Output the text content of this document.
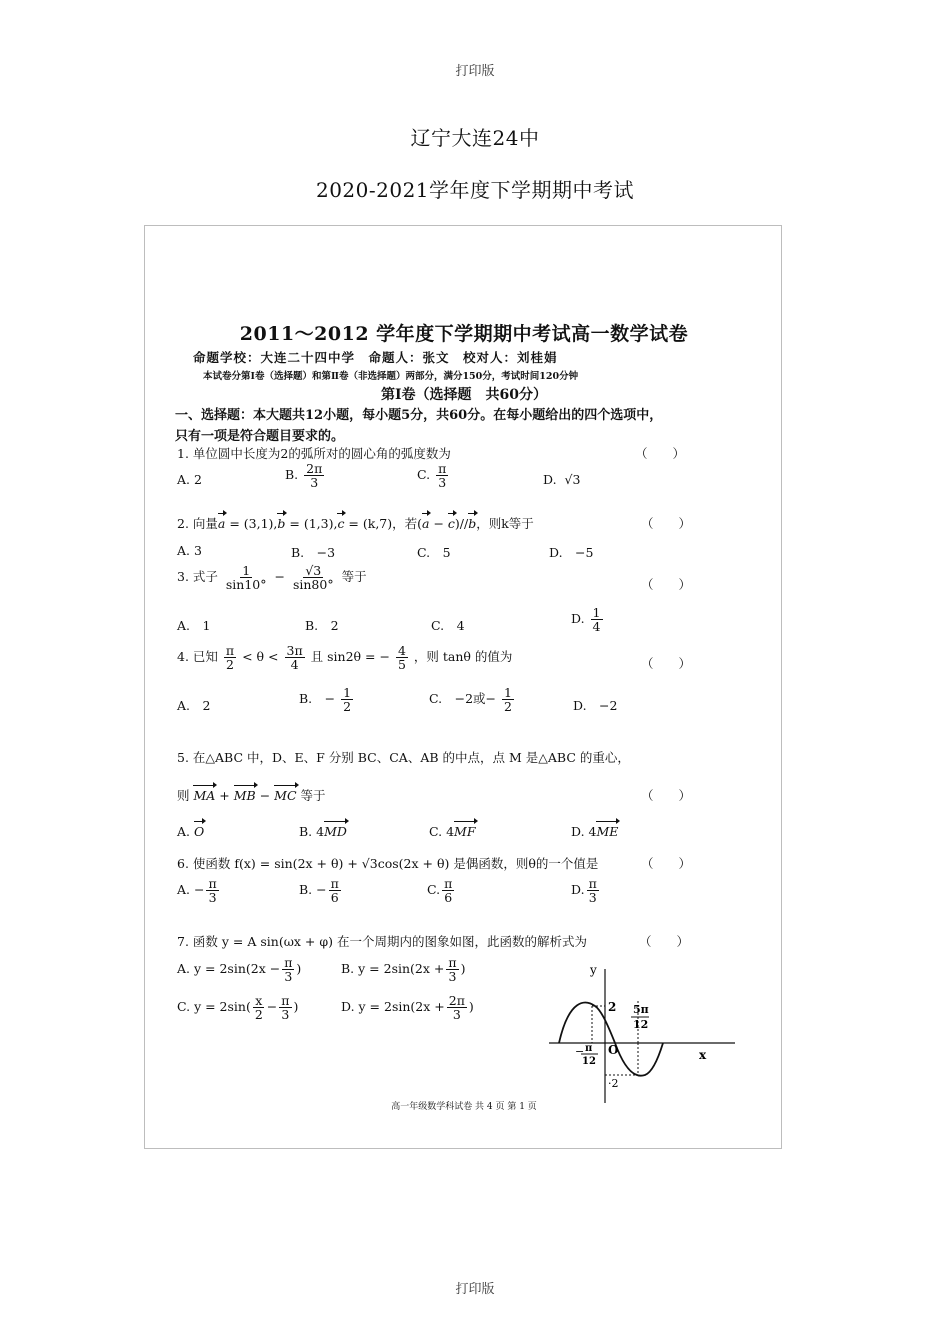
打印版
辽宁大连24中
2020-2021学年度下学期期中考试
2011～2012 学年度下学期期中考试高一数学试卷
命题学校：大连二十四中学　命题人：张文　校对人：刘桂娟
本试卷分第Ⅰ卷（选择题）和第Ⅱ卷（非选择题）两部分，满分150分，考试时间120分钟
第Ⅰ卷（选择题　共60分）
一、选择题：本大题共12小题，每小题5分，共60分。在每小题给出的四个选项中，
只有一项是符合题目要求的。
1. 单位圆中长度为2的弧所对的圆心角的弧度数为	（　　）
A. 2	B. $\frac{2\pi}{3}$	C. $\frac{\pi}{3}$	D. √3
2. 向量a = (3,1),b = (1,3),c = (k,7)，若(a − c)//b，则k等于	（　　）
A. 3	B.　−3	C.　5	D.　−5
3. 式子 $\frac{1}{\sin 10^\circ} - \frac{√3}{\sin 80^\circ}$ 等于
（　　）
A.　1	B.　2	C.　4	D. $\frac{1}{4}$
4. 已知 $\frac{\pi}{2} < \theta < \frac{3\pi}{4}$ 且 sin2θ = − $\frac{4}{5}$ ，则 tanθ 的值为	（　　）
A.　2	B.　− $\frac{1}{2}$	C.　−2或− $\frac{1}{2}$	D.　−2
5. 在△ABC 中，D、E、F 分别 BC、CA、AB 的中点，点 M 是△ABC 的重心，
则 MA + MB − MC 等于	（　　）
A. O	B. 4MD	C. 4MF	D. 4ME
6. 使函数 f(x) = sin(2x + θ) + √3cos(2x + θ) 是偶函数，则θ的一个值是	（　　）
A. − $\frac{\pi}{3}$	B. − $\frac{\pi}{6}$	C. $\frac{\pi}{6}$	D. $\frac{\pi}{3}$
7. 函数 y = A sin(ωx + φ) 在一个周期内的图象如图，此函数的解析式为	（　　）
A. $y = 2\sin(2x - \frac{\pi}{3}$ )	B. $y = 2\sin(2x + \frac{\pi}{3}$ )
C. $y = 2\sin( \frac{x}{2} - \frac{\pi}{3}$ )	D. $y = 2\sin(2x + \frac{2\pi}{3}$ )
y
x
O
2
·2
5π
12
− π
12
高一年级数学科试卷 共 4 页 第 1 页
打印版
